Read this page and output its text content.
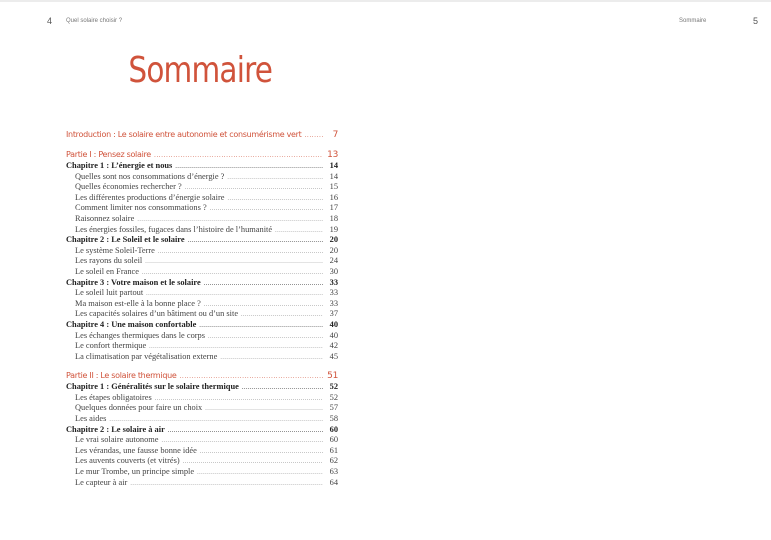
4 Quel solaire choisir ?
Sommaire
Introduction : Le solaire entre autonomie et consumérisme vert
.....	7
Partie I : Pensez solaire
.....	13
Chapitre 1 : L’énergie et nous
.....	14
Quelles sont nos consommations d’énergie ?
.....	14
Quelles économies rechercher ?
.....	15
Les différentes productions d’énergie solaire
.....	16
Comment limiter nos consommations ?
.....	17
Raisonnez solaire
.....	18
Les énergies fossiles, fugaces dans l’histoire de l’humanité
.....	19
Chapitre 2 : Le Soleil et le solaire
.....	20
Le système Soleil-Terre
.....	20
Les rayons du soleil
.....	24
Le soleil en France
.....	30
Chapitre 3 : Votre maison et le solaire
.....	33
Le soleil luit partout
.....	33
Ma maison est-elle à la bonne place ?
.....	33
Les capacités solaires d’un bâtiment ou d’un site
.....	37
Chapitre 4 : Une maison confortable
.....	40
Les échanges thermiques dans le corps
.....	40
Le confort thermique
.....	42
La climatisation par végétalisation externe
.....	45
Partie II : Le solaire thermique
.....	51
Chapitre 1 : Généralités sur le solaire thermique
.....	52
Les étapes obligatoires
.....	52
Quelques données pour faire un choix
.....	57
Les aides
.....	58
Chapitre 2 : Le solaire à air
.....	60
Le vrai solaire autonome
.....	60
Les vérandas, une fausse bonne idée
.....	61
Les auvents couverts (et vitrés)
.....	62
Le mur Trombe, un principe simple
.....	63
Le capteur à air
.....	64
Sommaire	5
